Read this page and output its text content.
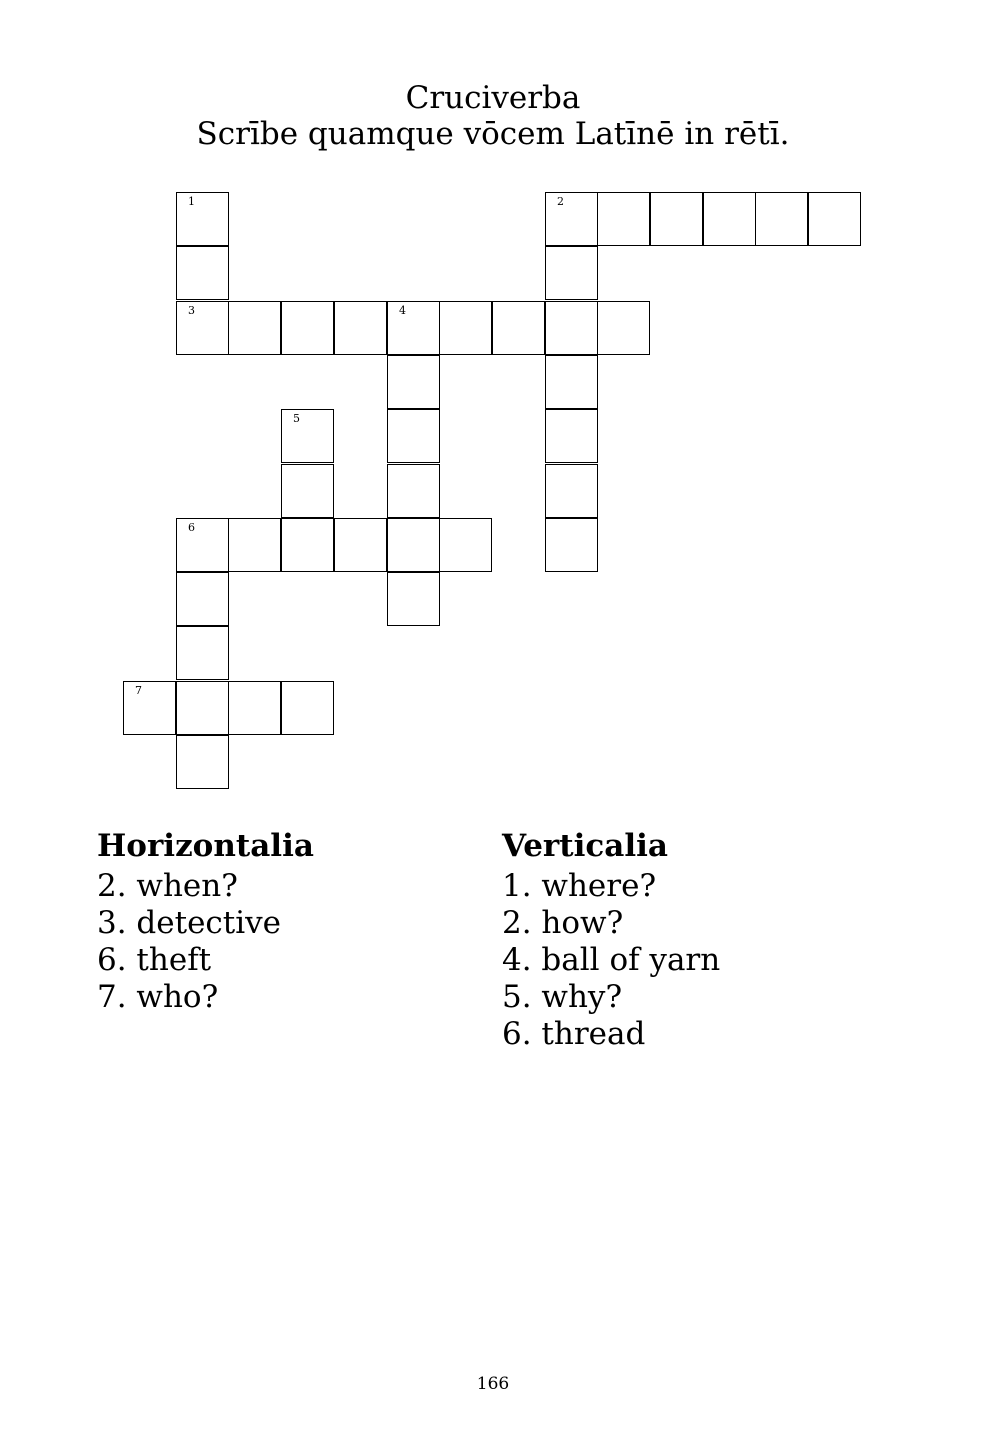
Cruciverba
Scrībe quamque vōcem Latīnē in rētī.
1	2
3	4
5
6
7
Horizontalia
2. when?
3. detective
6. theft
7. who?
Verticalia
1. where?
2. how?
4. ball of yarn
5. why?
6. thread
166
